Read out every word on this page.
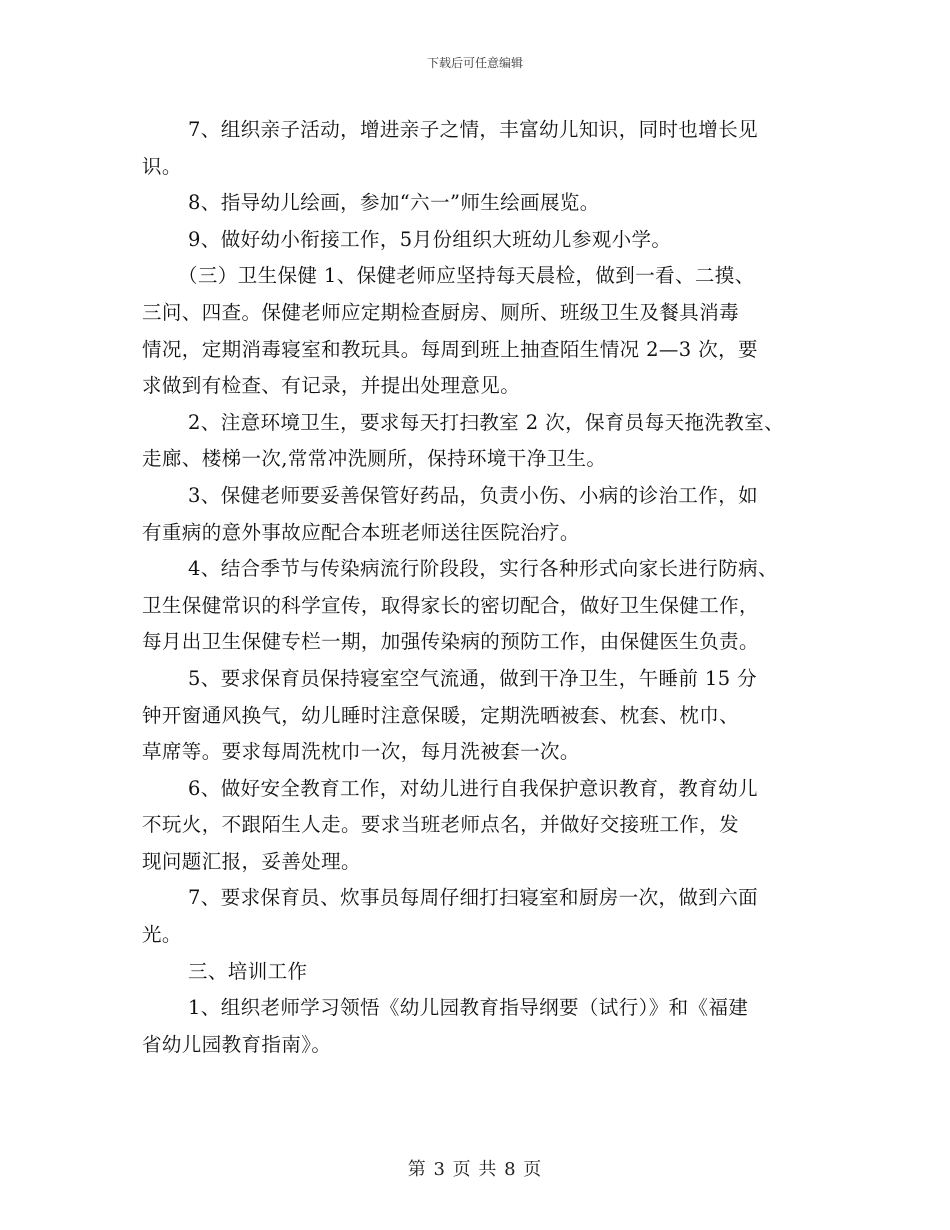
下载后可任意编辑
7、组织亲子活动，增进亲子之情，丰富幼儿知识，同时也增长见
识。
8、指导幼儿绘画，参加“六一”师生绘画展览。
9、做好幼小衔接工作，5月份组织大班幼儿参观小学。
（三）卫生保健 1、保健老师应坚持每天晨检，做到一看、二摸、
三问、四查。保健老师应定期检查厨房、厕所、班级卫生及餐具消毒
情况，定期消毒寝室和教玩具。每周到班上抽查陌生情况 2—3 次，要
求做到有检查、有记录，并提出处理意见。
2、注意环境卫生，要求每天打扫教室 2 次，保育员每天拖洗教室、
走廊、楼梯一次,常常冲洗厕所，保持环境干净卫生。
3、保健老师要妥善保管好药品，负责小伤、小病的诊治工作，如
有重病的意外事故应配合本班老师送往医院治疗。
4、结合季节与传染病流行阶段段，实行各种形式向家长进行防病、
卫生保健常识的科学宣传，取得家长的密切配合，做好卫生保健工作，
每月出卫生保健专栏一期，加强传染病的预防工作，由保健医生负责。
5、要求保育员保持寝室空气流通，做到干净卫生，午睡前 15 分
钟开窗通风换气，幼儿睡时注意保暖，定期洗晒被套、枕套、枕巾、
草席等。要求每周洗枕巾一次，每月洗被套一次。
6、做好安全教育工作，对幼儿进行自我保护意识教育，教育幼儿
不玩火，不跟陌生人走。要求当班老师点名，并做好交接班工作，发
现问题汇报，妥善处理。
7、要求保育员、炊事员每周仔细打扫寝室和厨房一次，做到六面
光。
三、培训工作
1、组织老师学习领悟《幼儿园教育指导纲要（试行）》和《福建
省幼儿园教育指南》。
第 3 页 共 8 页
